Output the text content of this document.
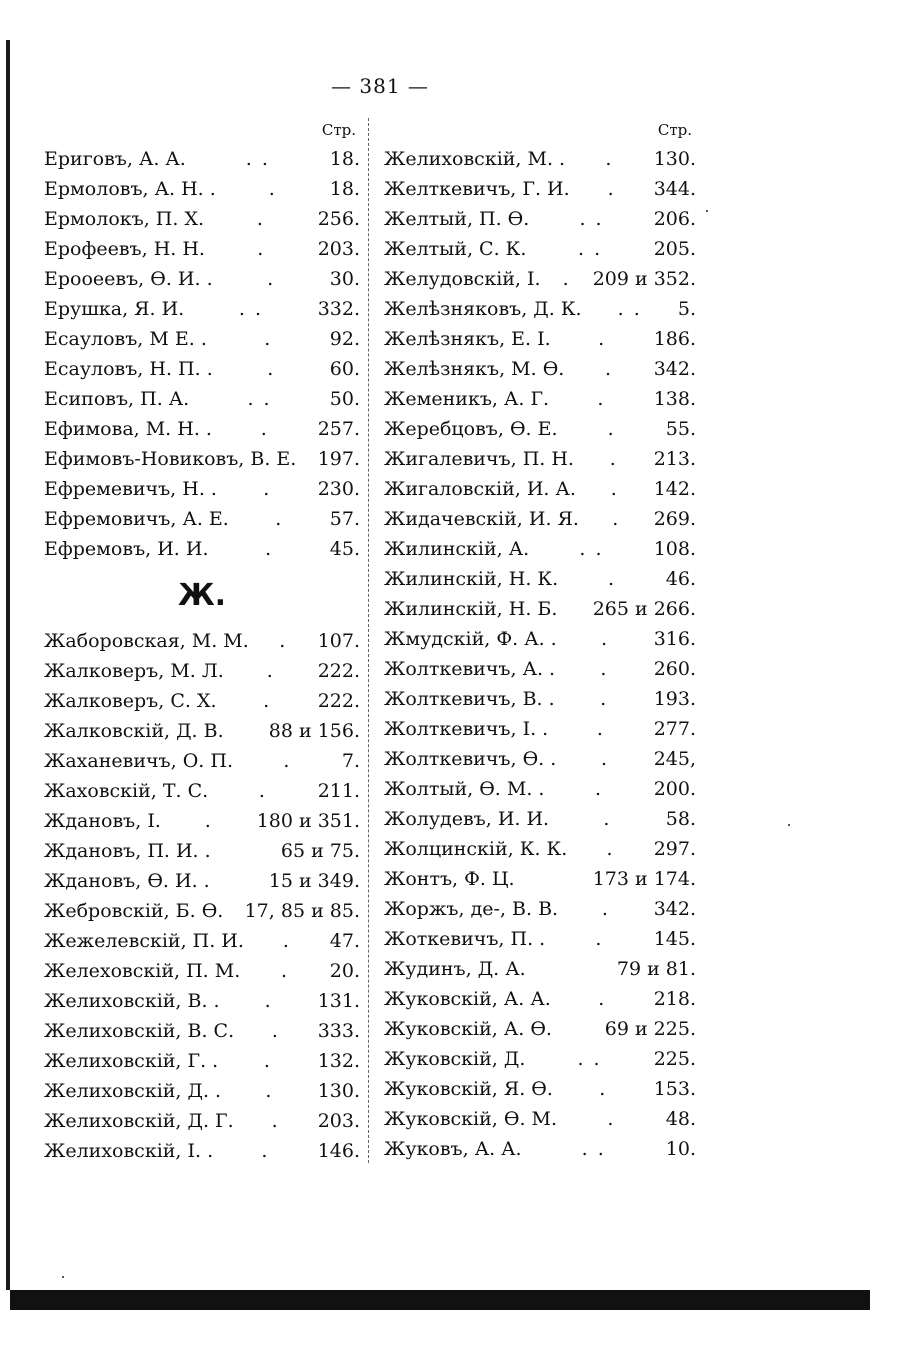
— 381 —
Стр.
Ериговъ, А. А.	. .	18.
Ермоловъ, А. Н. .	.	18.
Ермолокъ, П. Х.	.	256.
Ерофеевъ, Н. Н.	.	203.
Ерооеевъ, Ѳ. И. .	.	30.
Ерушка, Я. И.	. .	332.
Есауловъ, М Е. .	.	92.
Есауловъ, Н. П. .	.	60.
Есиповъ, П. А.	. .	50.
Ефимова, М. Н. .	.	257.
Ефимовъ-Новиковъ, В. Е. 197.
Ефремевичъ, Н. .	.	230.
Ефремовичъ, А. Е.	.	57.
Ефремовъ, И. И.	.	45.
Ж.
Жаборовская, М. М.	.	107.
Жалковеръ, М. Л.	.	222.
Жалковеръ, С. Х.	.	222.
Жалковскій, Д. В. 88 и 156.
Жаханевичъ, О. П.	.	7.
Жаховскій, Т. С.	.	211.
Ждановъ, I.	.	180 и 351.
Ждановъ, П. И. .	65 и 75.
Ждановъ, Ѳ. И. .	15 и 349.
Жебровскій, Б. Ѳ. 17, 85 и 85.
Жежелевскій, П. И.	.	47.
Желеховскій, П. М.	.	20.
Желиховскій, В. .	.	131.
Желиховскій, В. С.	.	333.
Желиховскій, Г. .	.	132.
Желиховскій, Д. .	.	130.
Желиховскій, Д. Г.	.	203.
Желиховскій, I. .	.	146.
Стр.
Желиховскій, М. .	.	130.
Желткевичъ, Г. И.	.	344.
Желтый, П. Ѳ.	. .	206.
Желтый, С. К.	. .	205.
Желудовскій, I.	.	209 и 352.
Желѣзняковъ, Д. К.	. .	5.
Желѣзнякъ, Е. I.	.	186.
Желѣзнякъ, М. Ѳ.	.	342.
Жеменикъ, А. Г.	.	138.
Жеребцовъ, Ѳ. Е.	.	55.
Жигалевичъ, П. Н.	.	213.
Жигаловскій, И. А.	.	142.
Жидачевскій, И. Я.	.	269.
Жилинскій, А.	. .	108.
Жилинскій, Н. К.	.	46.
Жилинскій, Н. Б. 265 и 266.
Жмудскій, Ф. А. .	.	316.
Жолткевичъ, А. .	.	260.
Жолткевичъ, В. .	.	193.
Жолткевичъ, I. .	.	277.
Жолткевичъ, Ѳ. .	.	245,
Жолтый, Ѳ. М. .	.	200.
Жолудевъ, И. И.	.	58.
Жолцинскій, К. К.	.	297.
Жонтъ, Ф. Ц.	173 и 174.
Жоржъ, де-, В. В.	.	342.
Жоткевичъ, П. .	.	145.
Жудинъ, Д. А.	79 и 81.
Жуковскій, А. А.	.	218.
Жуковскій, А. Ѳ.	69 и 225.
Жуковскій, Д.	. .	225.
Жуковскій, Я. Ѳ.	.	153.
Жуковскій, Ѳ. М.	.	48.
Жуковъ, А. А.	. .	10.
